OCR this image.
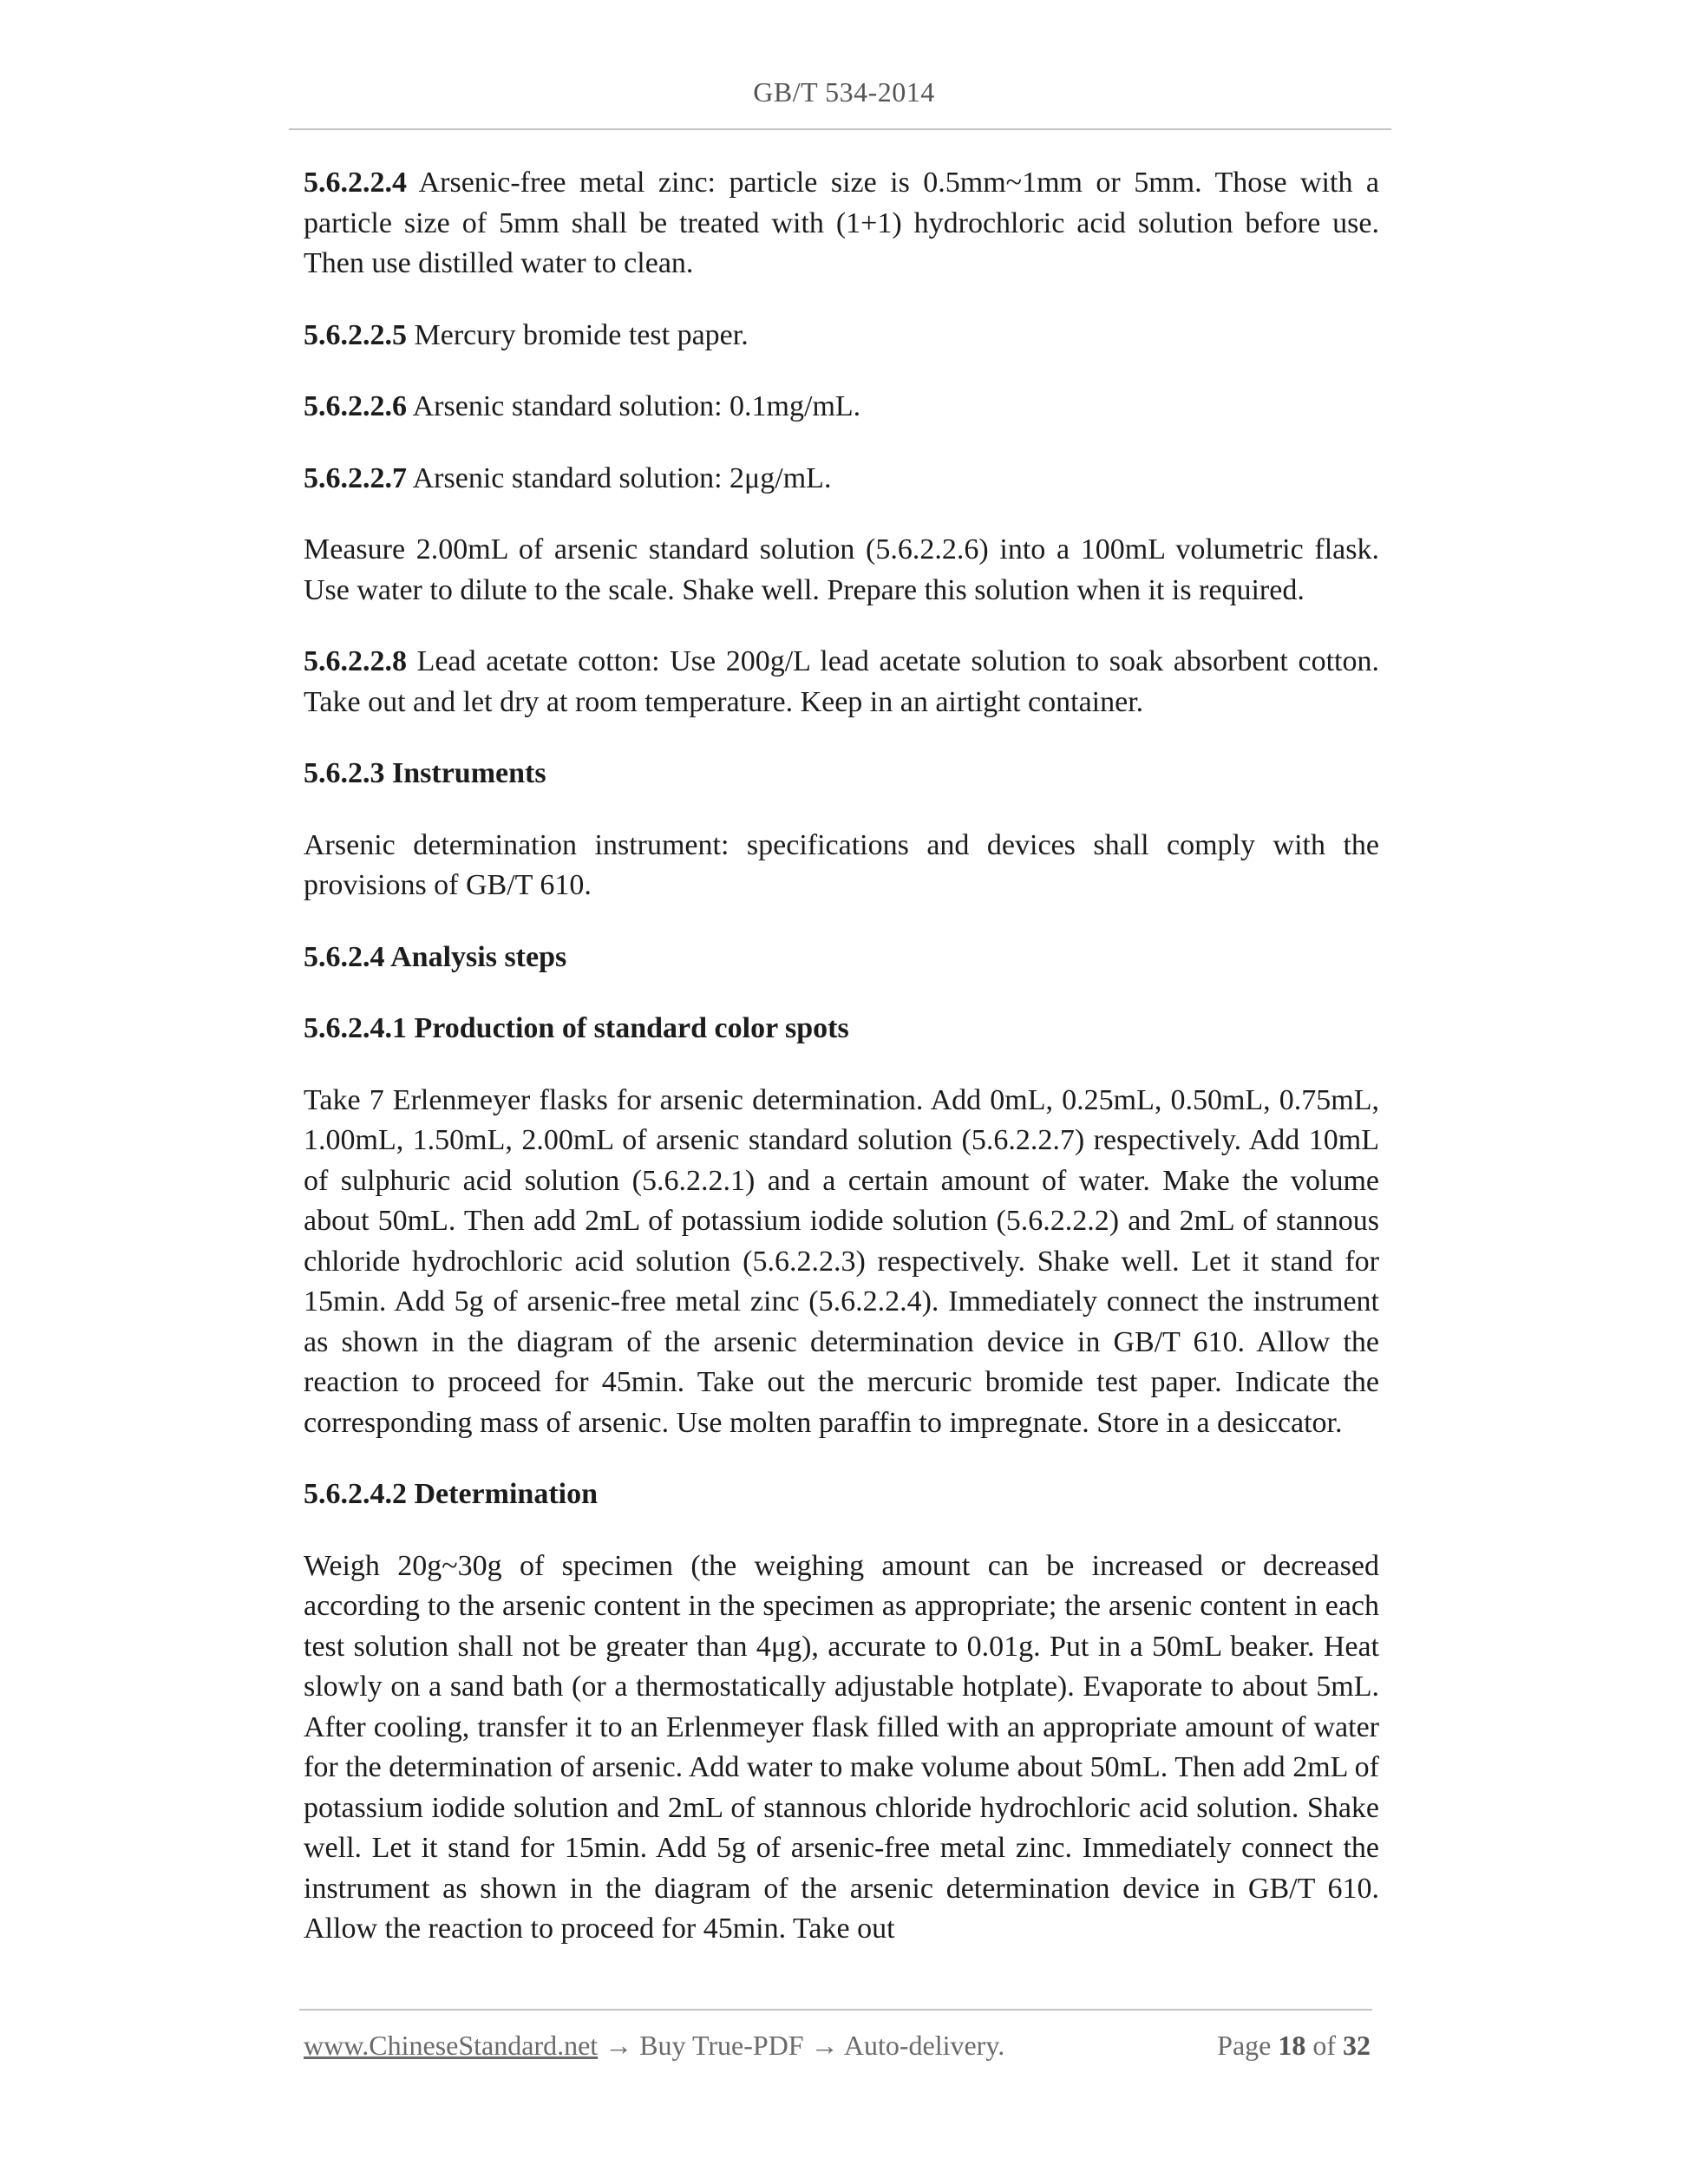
GB/T 534-2014

5.6.2.2.4 Arsenic-free metal zinc: particle size is 0.5mm~1mm or 5mm. Those with a particle size of 5mm shall be treated with (1+1) hydrochloric acid solution before use. Then use distilled water to clean.

5.6.2.2.5 Mercury bromide test paper.

5.6.2.2.6 Arsenic standard solution: 0.1mg/mL.

5.6.2.2.7 Arsenic standard solution: 2μg/mL.

Measure 2.00mL of arsenic standard solution (5.6.2.2.6) into a 100mL volumetric flask. Use water to dilute to the scale. Shake well. Prepare this solution when it is required.

5.6.2.2.8 Lead acetate cotton: Use 200g/L lead acetate solution to soak absorbent cotton. Take out and let dry at room temperature. Keep in an airtight container.

5.6.2.3 Instruments

Arsenic determination instrument: specifications and devices shall comply with the provisions of GB/T 610.

5.6.2.4 Analysis steps

5.6.2.4.1 Production of standard color spots

Take 7 Erlenmeyer flasks for arsenic determination. Add 0mL, 0.25mL, 0.50mL, 0.75mL, 1.00mL, 1.50mL, 2.00mL of arsenic standard solution (5.6.2.2.7) respectively. Add 10mL of sulphuric acid solution (5.6.2.2.1) and a certain amount of water. Make the volume about 50mL. Then add 2mL of potassium iodide solution (5.6.2.2.2) and 2mL of stannous chloride hydrochloric acid solution (5.6.2.2.3) respectively. Shake well. Let it stand for 15min. Add 5g of arsenic-free metal zinc (5.6.2.2.4). Immediately connect the instrument as shown in the diagram of the arsenic determination device in GB/T 610. Allow the reaction to proceed for 45min. Take out the mercuric bromide test paper. Indicate the corresponding mass of arsenic. Use molten paraffin to impregnate. Store in a desiccator.

5.6.2.4.2 Determination

Weigh 20g~30g of specimen (the weighing amount can be increased or decreased according to the arsenic content in the specimen as appropriate; the arsenic content in each test solution shall not be greater than 4μg), accurate to 0.01g. Put in a 50mL beaker. Heat slowly on a sand bath (or a thermostatically adjustable hotplate). Evaporate to about 5mL. After cooling, transfer it to an Erlenmeyer flask filled with an appropriate amount of water for the determination of arsenic. Add water to make volume about 50mL. Then add 2mL of potassium iodide solution and 2mL of stannous chloride hydrochloric acid solution. Shake well. Let it stand for 15min. Add 5g of arsenic-free metal zinc. Immediately connect the instrument as shown in the diagram of the arsenic determination device in GB/T 610. Allow the reaction to proceed for 45min. Take out

www.ChineseStandard.net → Buy True-PDF → Auto-delivery.	Page 18 of 32
